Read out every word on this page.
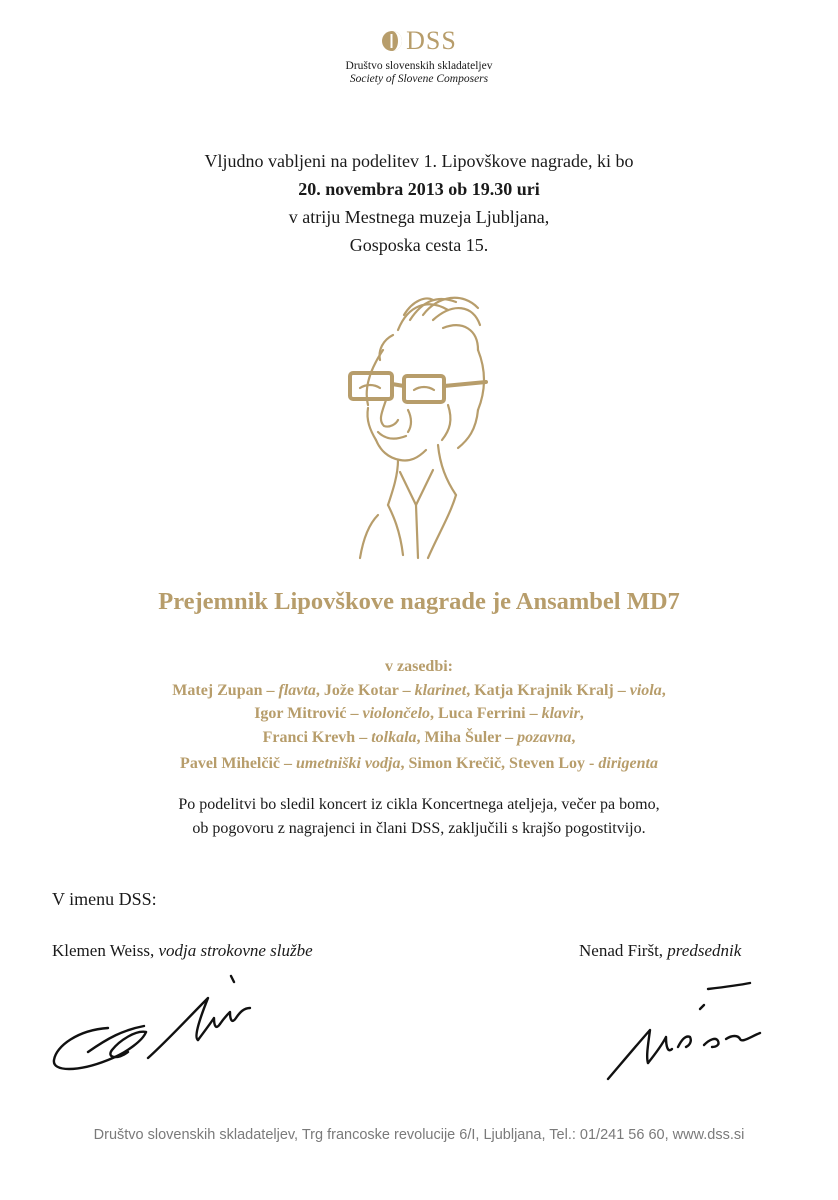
DSS
Društvo slovenskih skladateljev
Society of Slovene Composers
Vljudno vabljeni na podelitev 1. Lipovškove nagrade, ki bo
20. novembra 2013 ob 19.30 uri
v atriju Mestnega muzeja Ljubljana,
Gosposka cesta 15.
Prejemnik Lipovškove nagrade je Ansambel MD7
v zasedbi:
Matej Zupan – flavta, Jože Kotar – klarinet, Katja Krajnik Kralj – viola,
Igor Mitrović – violončelo, Luca Ferrini – klavir,
Franci Krevh – tolkala, Miha Šuler – pozavna,
Pavel Mihelčič – umetniški vodja, Simon Krečič, Steven Loy - dirigenta
Po podelitvi bo sledil koncert iz cikla Koncertnega ateljeja, večer pa bomo,
ob pogovoru z nagrajenci in člani DSS, zaključili s krajšo pogostitvijo.
V imenu DSS:
Klemen Weiss, vodja strokovne službe	Nenad Firšt, predsednik
Društvo slovenskih skladateljev, Trg francoske revolucije 6/I, Ljubljana, Tel.: 01/241 56 60, www.dss.si
